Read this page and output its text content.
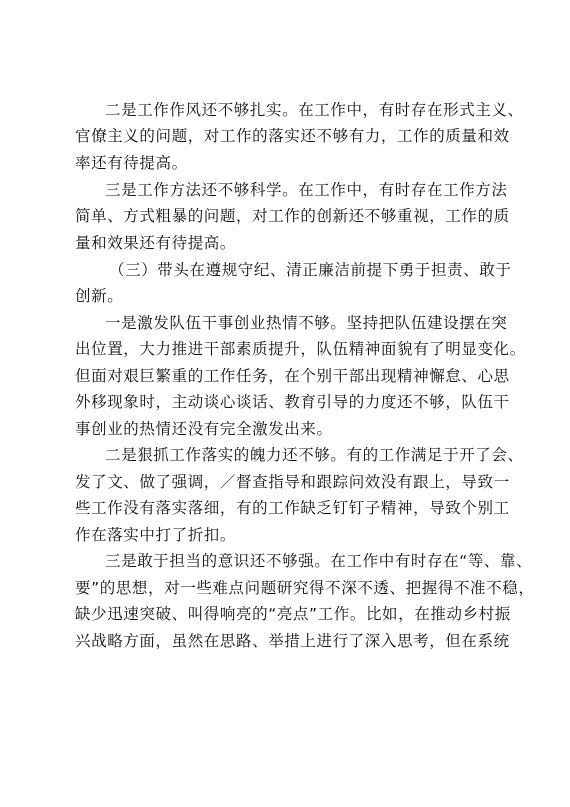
二是工作作风还不够扎实。在工作中，有时存在形式主义、
官僚主义的问题，对工作的落实还不够有力，工作的质量和效
率还有待提高。
三是工作方法还不够科学。在工作中，有时存在工作方法
简单、方式粗暴的问题，对工作的创新还不够重视，工作的质
量和效果还有待提高。
（三）带头在遵规守纪、清正廉洁前提下勇于担责、敢于
创新。
一是激发队伍干事创业热情不够。坚持把队伍建设摆在突
出位置，大力推进干部素质提升，队伍精神面貌有了明显变化。
但面对艰巨繁重的工作任务，在个别干部出现精神懈怠、心思
外移现象时，主动谈心谈话、教育引导的力度还不够，队伍干
事创业的热情还没有完全激发出来。
二是狠抓工作落实的魄力还不够。有的工作满足于开了会、
发了文、做了强调，／督查指导和跟踪问效没有跟上，导致一
些工作没有落实落细，有的工作缺乏钉钉子精神，导致个别工
作在落实中打了折扣。
三是敢于担当的意识还不够强。在工作中有时存在“等、靠、
要”的思想，对一些难点问题研究得不深不透、把握得不准不稳，
缺少迅速突破、叫得响亮的“亮点”工作。比如，在推动乡村振
兴战略方面，虽然在思路、举措上进行了深入思考，但在系统
